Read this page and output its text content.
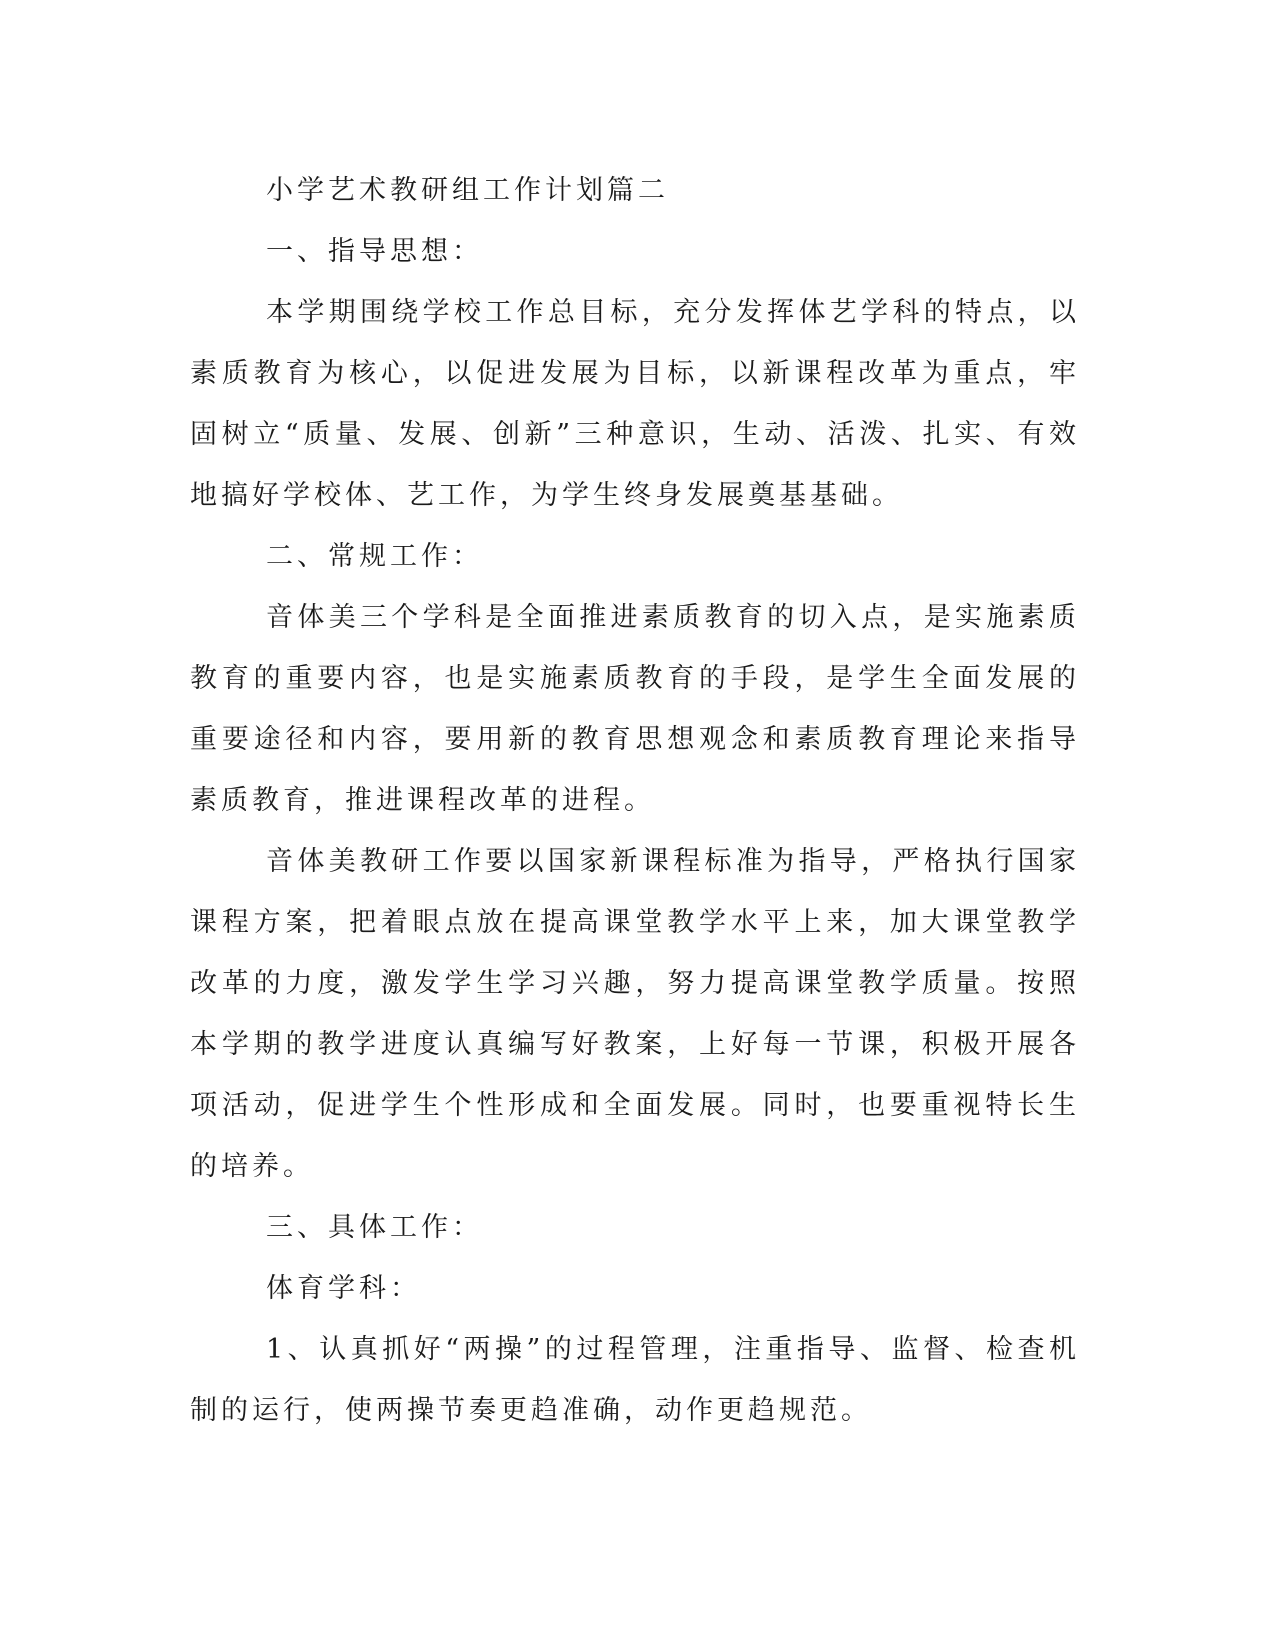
小学艺术教研组工作计划篇二

一、指导思想：

本学期围绕学校工作总目标，充分发挥体艺学科的特点，以素质教育为核心，以促进发展为目标，以新课程改革为重点，牢固树立“质量、发展、创新”三种意识，生动、活泼、扎实、有效地搞好学校体、艺工作，为学生终身发展奠基基础。

二、常规工作：

音体美三个学科是全面推进素质教育的切入点，是实施素质教育的重要内容，也是实施素质教育的手段，是学生全面发展的重要途径和内容，要用新的教育思想观念和素质教育理论来指导素质教育，推进课程改革的进程。

音体美教研工作要以国家新课程标准为指导，严格执行国家课程方案，把着眼点放在提高课堂教学水平上来，加大课堂教学改革的力度，激发学生学习兴趣，努力提高课堂教学质量。按照本学期的教学进度认真编写好教案，上好每一节课，积极开展各项活动，促进学生个性形成和全面发展。同时，也要重视特长生的培养。

三、具体工作：

体育学科：

1、认真抓好“两操”的过程管理，注重指导、监督、检查机制的运行，使两操节奏更趋准确，动作更趋规范。
